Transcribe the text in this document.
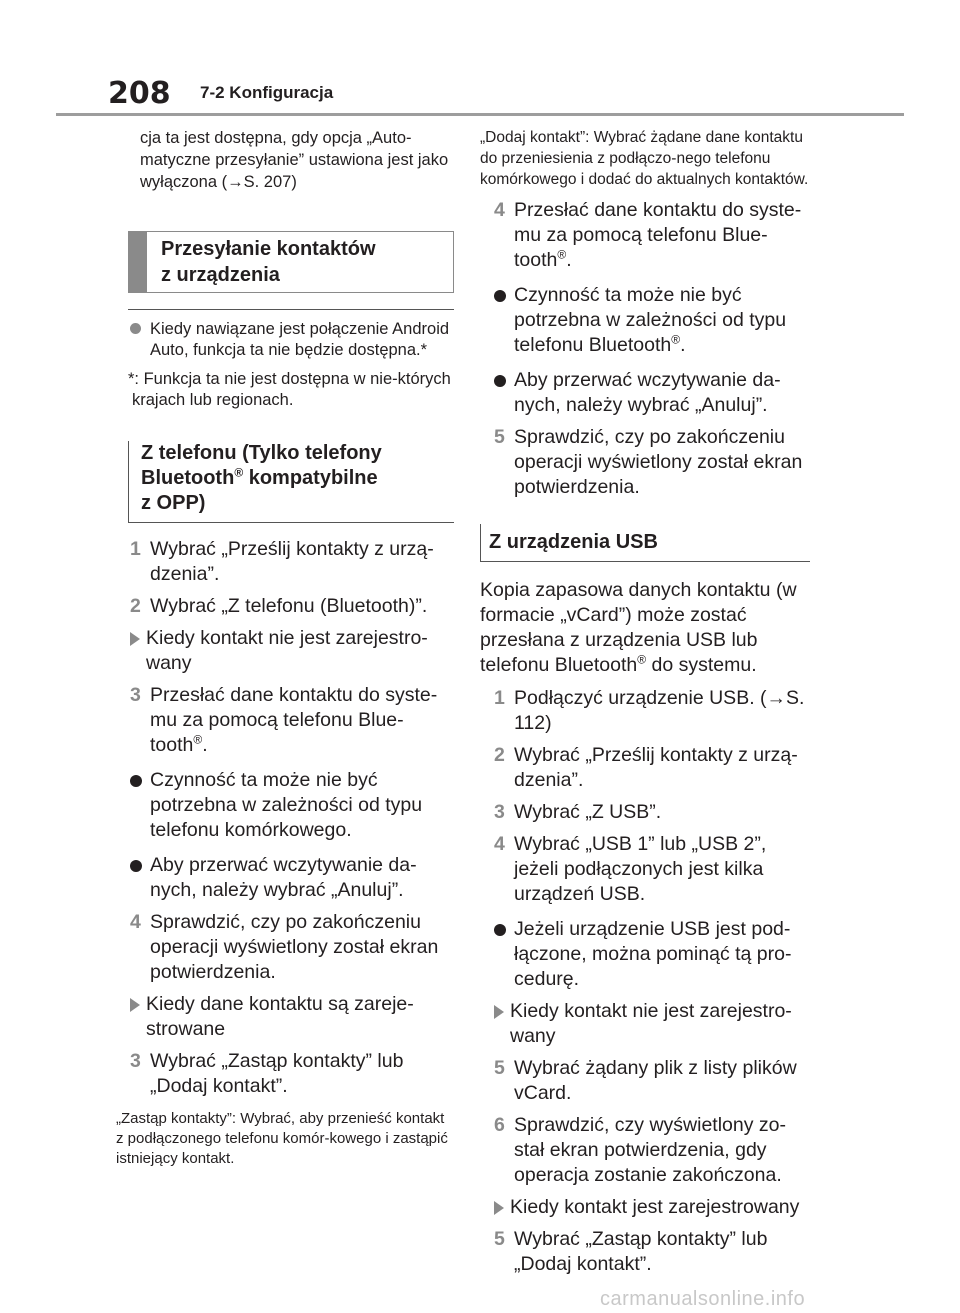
208 7-2 Konfiguracja

cja ta jest dostępna, gdy opcja „Auto-matyczne przesyłanie” ustawiona jest jako wyłączona (→S. 207)

Przesyłanie kontaktów
z urządzenia
Kiedy nawiązane jest połączenie Android Auto, funkcja ta nie będzie dostępna.*

*: Funkcja ta nie jest dostępna w nie-których krajach lub regionach.

Z telefonu (Tylko telefony
Bluetooth® kompatybilne
z OPP)
1 Wybrać „Prześlij kontakty z urzą-dzenia”.
2 Wybrać „Z telefonu (Bluetooth)”.
Kiedy kontakt nie jest zarejestro-wany
3 Przesłać dane kontaktu do syste-mu za pomocą telefonu Blue-tooth®.
Czynność ta może nie być potrzebna w zależności od typu telefonu komórkowego.
Aby przerwać wczytywanie da-nych, należy wybrać „Anuluj”.
4 Sprawdzić, czy po zakończeniu operacji wyświetlony został ekran potwierdzenia.
Kiedy dane kontaktu są zareje-strowane
3 Wybrać „Zastąp kontakty” lub „Dodaj kontakt”.

„Zastąp kontakty”: Wybrać, aby przenieść kontakt z podłączonego telefonu komór-kowego i zastąpić istniejący kontakt.

„Dodaj kontakt”: Wybrać żądane dane kontaktu do przeniesienia z podłączo-nego telefonu komórkowego i dodać do aktualnych kontaktów.

4 Przesłać dane kontaktu do syste-mu za pomocą telefonu Blue-tooth®.
Czynność ta może nie być potrzebna w zależności od typu telefonu Bluetooth®.
Aby przerwać wczytywanie da-nych, należy wybrać „Anuluj”.
5 Sprawdzić, czy po zakończeniu operacji wyświetlony został ekran potwierdzenia.
Z urządzenia USB

Kopia zapasowa danych kontaktu (w formacie „vCard”) może zostać przesłana z urządzenia USB lub telefonu Bluetooth® do systemu.

1 Podłączyć urządzenie USB. (→S. 112)
2 Wybrać „Prześlij kontakty z urzą-dzenia”.
3 Wybrać „Z USB”.
4 Wybrać „USB 1” lub „USB 2”, jeżeli podłączonych jest kilka urządzeń USB.
Jeżeli urządzenie USB jest pod-łączone, można pominąć tą pro-cedurę.
Kiedy kontakt nie jest zarejestro-wany
5 Wybrać żądany plik z listy plików vCard.
6 Sprawdzić, czy wyświetlony zo-stał ekran potwierdzenia, gdy operacja zostanie zakończona.
Kiedy kontakt jest zarejestrowany
5 Wybrać „Zastąp kontakty” lub „Dodaj kontakt”.
carmanualsonline.info
